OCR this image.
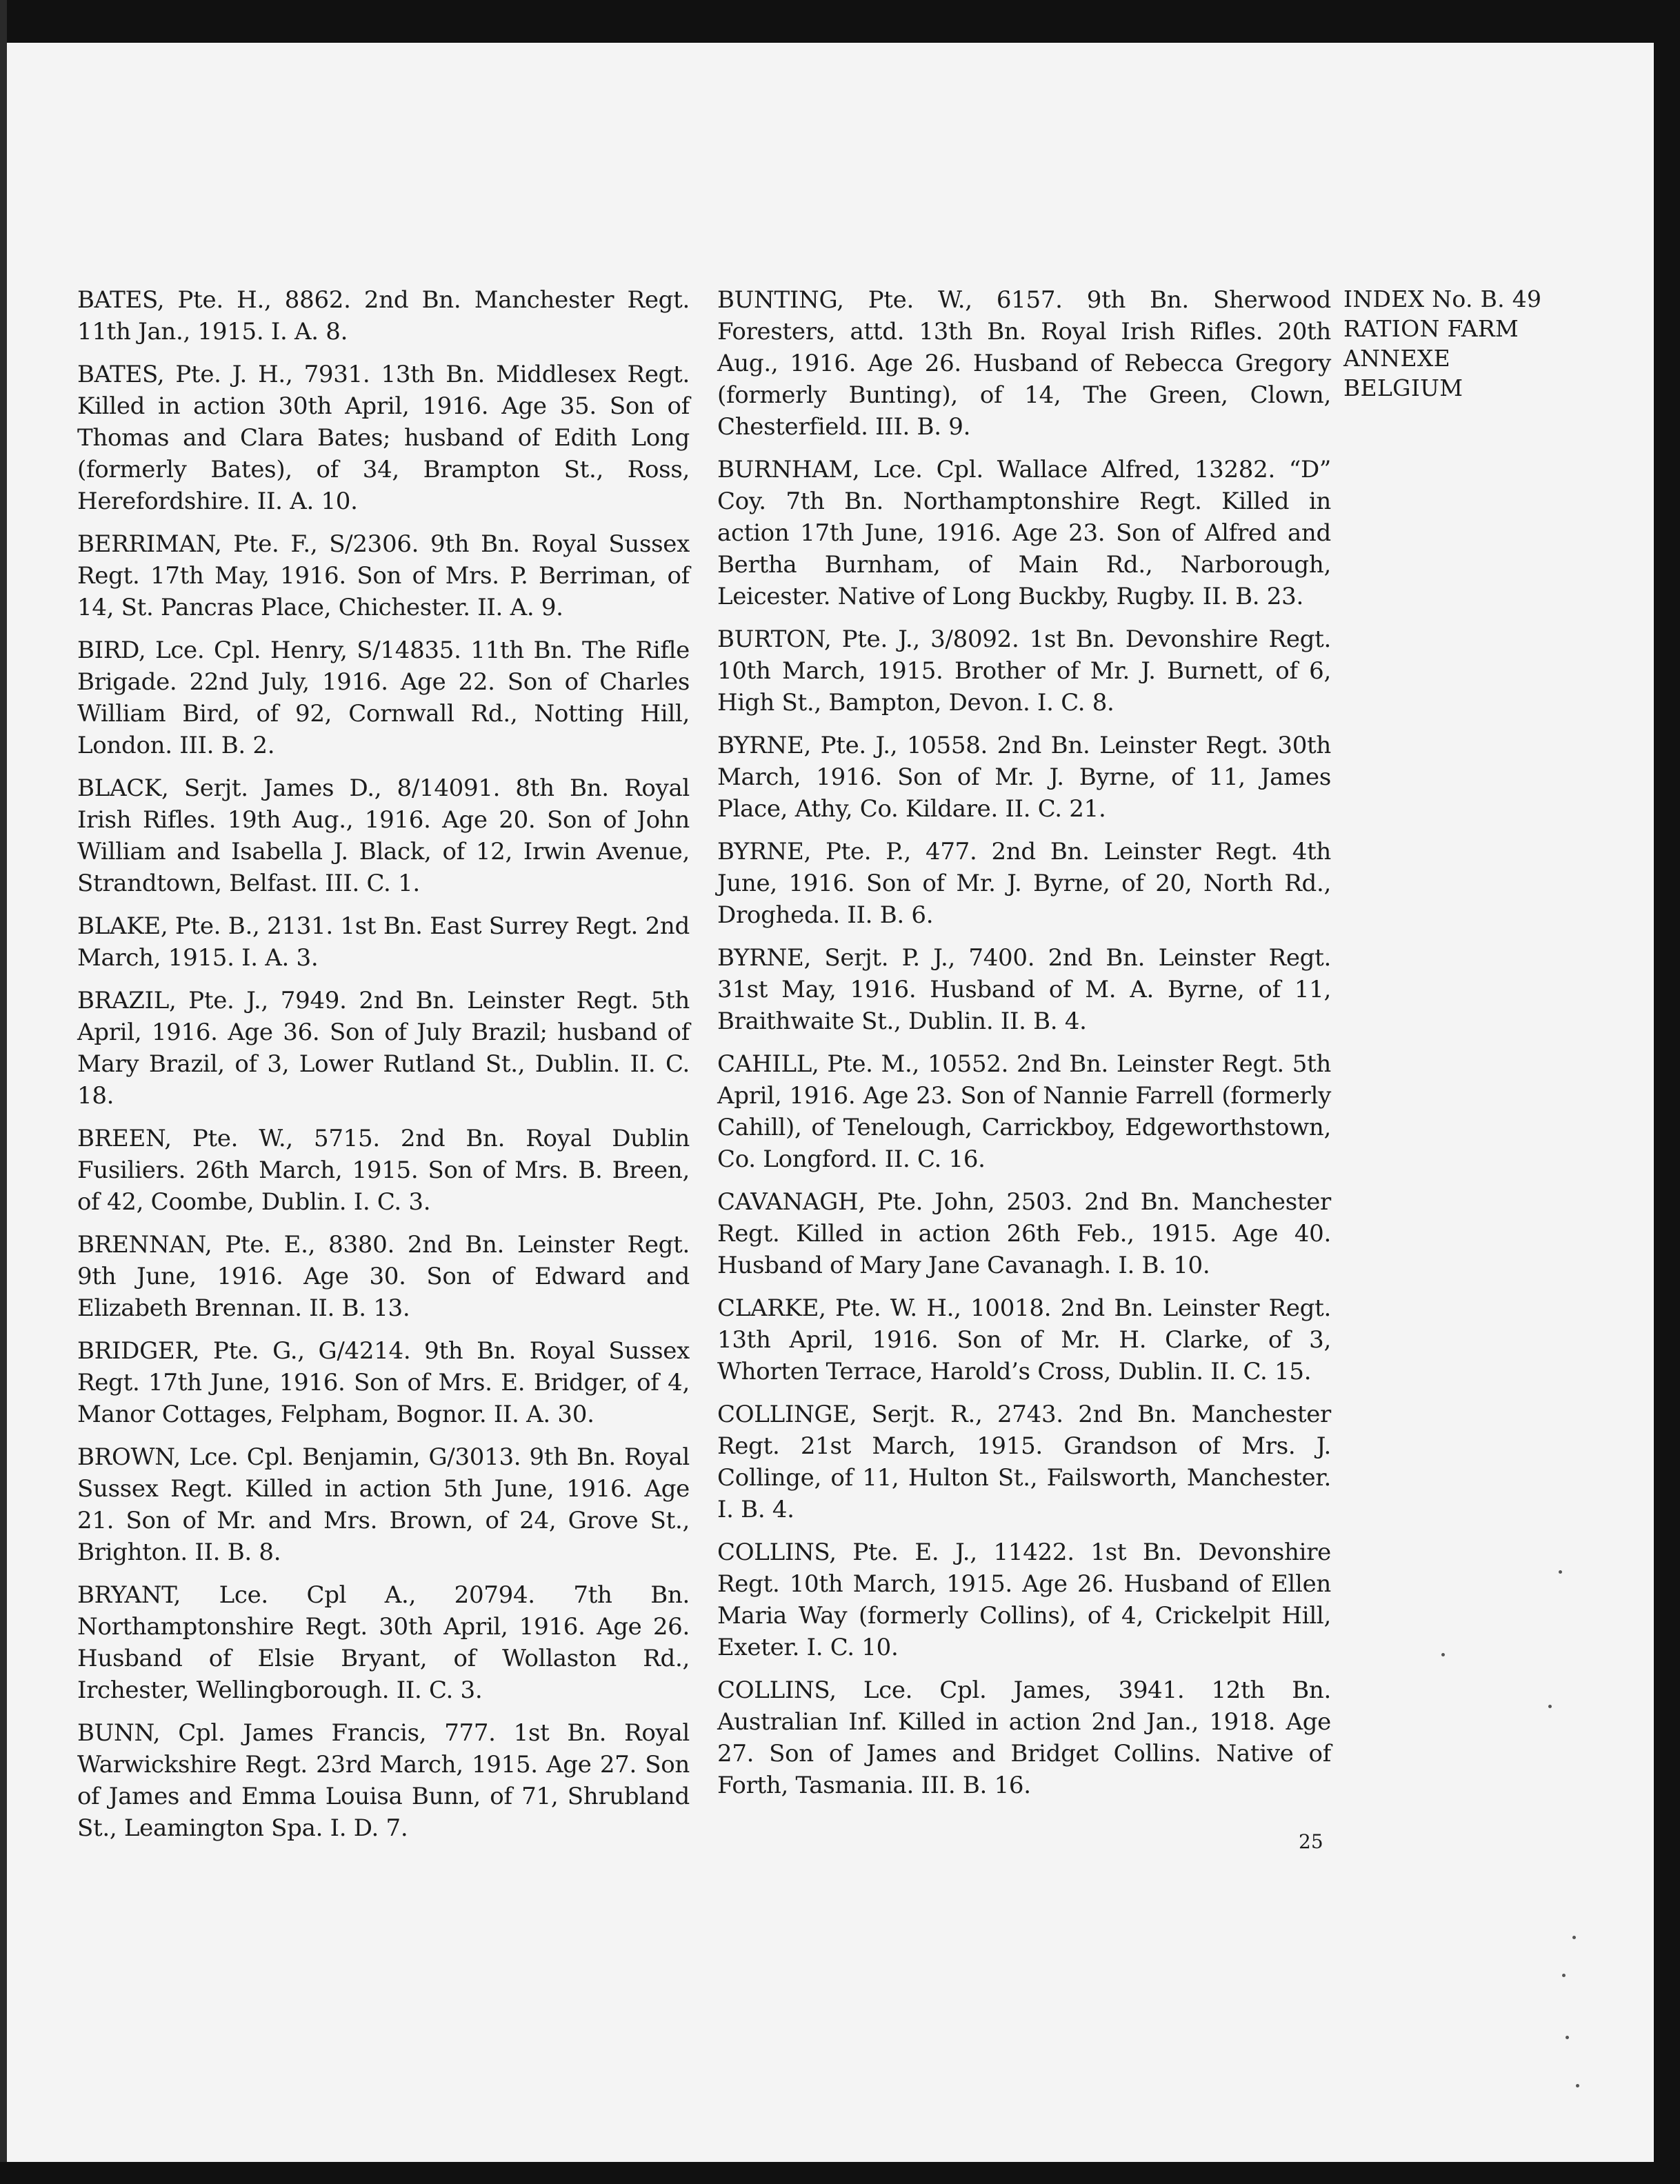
BATES, Pte. H., 8862. 2nd Bn. Manchester Regt. 11th Jan., 1915. I. A. 8.

BATES, Pte. J. H., 7931. 13th Bn. Middlesex Regt. Killed in action 30th April, 1916. Age 35. Son of Thomas and Clara Bates; husband of Edith Long (formerly Bates), of 34, Brampton St., Ross, Herefordshire. II. A. 10.

BERRIMAN, Pte. F., S/2306. 9th Bn. Royal Sussex Regt. 17th May, 1916. Son of Mrs. P. Berriman, of 14, St. Pancras Place, Chichester. II. A. 9.

BIRD, Lce. Cpl. Henry, S/14835. 11th Bn. The Rifle Brigade. 22nd July, 1916. Age 22. Son of Charles William Bird, of 92, Cornwall Rd., Notting Hill, London. III. B. 2.

BLACK, Serjt. James D., 8/14091. 8th Bn. Royal Irish Rifles. 19th Aug., 1916. Age 20. Son of John William and Isabella J. Black, of 12, Irwin Avenue, Strandtown, Belfast. III. C. 1.

BLAKE, Pte. B., 2131. 1st Bn. East Surrey Regt. 2nd March, 1915. I. A. 3.

BRAZIL, Pte. J., 7949. 2nd Bn. Leinster Regt. 5th April, 1916. Age 36. Son of July Brazil; husband of Mary Brazil, of 3, Lower Rutland St., Dublin. II. C. 18.

BREEN, Pte. W., 5715. 2nd Bn. Royal Dublin Fusiliers. 26th March, 1915. Son of Mrs. B. Breen, of 42, Coombe, Dublin. I. C. 3.

BRENNAN, Pte. E., 8380. 2nd Bn. Leinster Regt. 9th June, 1916. Age 30. Son of Edward and Elizabeth Brennan. II. B. 13.

BRIDGER, Pte. G., G/4214. 9th Bn. Royal Sussex Regt. 17th June, 1916. Son of Mrs. E. Bridger, of 4, Manor Cottages, Felpham, Bognor. II. A. 30.

BROWN, Lce. Cpl. Benjamin, G/3013. 9th Bn. Royal Sussex Regt. Killed in action 5th June, 1916. Age 21. Son of Mr. and Mrs. Brown, of 24, Grove St., Brighton. II. B. 8.

BRYANT, Lce. Cpl A., 20794. 7th Bn. Northamptonshire Regt. 30th April, 1916. Age 26. Husband of Elsie Bryant, of Wollaston Rd., Irchester, Wellingborough. II. C. 3.

BUNN, Cpl. James Francis, 777. 1st Bn. Royal Warwickshire Regt. 23rd March, 1915. Age 27. Son of James and Emma Louisa Bunn, of 71, Shrubland St., Leamington Spa. I. D. 7.

BUNTING, Pte. W., 6157. 9th Bn. Sherwood Foresters, attd. 13th Bn. Royal Irish Rifles. 20th Aug., 1916. Age 26. Husband of Rebecca Gregory (formerly Bunting), of 14, The Green, Clown, Chesterfield. III. B. 9.

BURNHAM, Lce. Cpl. Wallace Alfred, 13282. “D” Coy. 7th Bn. Northamptonshire Regt. Killed in action 17th June, 1916. Age 23. Son of Alfred and Bertha Burnham, of Main Rd., Narborough, Leicester. Native of Long Buckby, Rugby. II. B. 23.

BURTON, Pte. J., 3/8092. 1st Bn. Devonshire Regt. 10th March, 1915. Brother of Mr. J. Burnett, of 6, High St., Bampton, Devon. I. C. 8.

BYRNE, Pte. J., 10558. 2nd Bn. Leinster Regt. 30th March, 1916. Son of Mr. J. Byrne, of 11, James Place, Athy, Co. Kildare. II. C. 21.

BYRNE, Pte. P., 477. 2nd Bn. Leinster Regt. 4th June, 1916. Son of Mr. J. Byrne, of 20, North Rd., Drogheda. II. B. 6.

BYRNE, Serjt. P. J., 7400. 2nd Bn. Leinster Regt. 31st May, 1916. Husband of M. A. Byrne, of 11, Braithwaite St., Dublin. II. B. 4.

CAHILL, Pte. M., 10552. 2nd Bn. Leinster Regt. 5th April, 1916. Age 23. Son of Nannie Farrell (formerly Cahill), of Tenelough, Carrickboy, Edgeworthstown, Co. Longford. II. C. 16.

CAVANAGH, Pte. John, 2503. 2nd Bn. Manchester Regt. Killed in action 26th Feb., 1915. Age 40. Husband of Mary Jane Cavanagh. I. B. 10.

CLARKE, Pte. W. H., 10018. 2nd Bn. Leinster Regt. 13th April, 1916. Son of Mr. H. Clarke, of 3, Whorten Terrace, Harold’s Cross, Dublin. II. C. 15.

COLLINGE, Serjt. R., 2743. 2nd Bn. Manchester Regt. 21st March, 1915. Grandson of Mrs. J. Collinge, of 11, Hulton St., Failsworth, Manchester. I. B. 4.

COLLINS, Pte. E. J., 11422. 1st Bn. Devonshire Regt. 10th March, 1915. Age 26. Husband of Ellen Maria Way (formerly Collins), of 4, Crickelpit Hill, Exeter. I. C. 10.

COLLINS, Lce. Cpl. James, 3941. 12th Bn. Australian Inf. Killed in action 2nd Jan., 1918. Age 27. Son of James and Bridget Collins. Native of Forth, Tasmania. III. B. 16.

INDEX No. B. 49
RATION FARM
ANNEXE
BELGIUM
25
